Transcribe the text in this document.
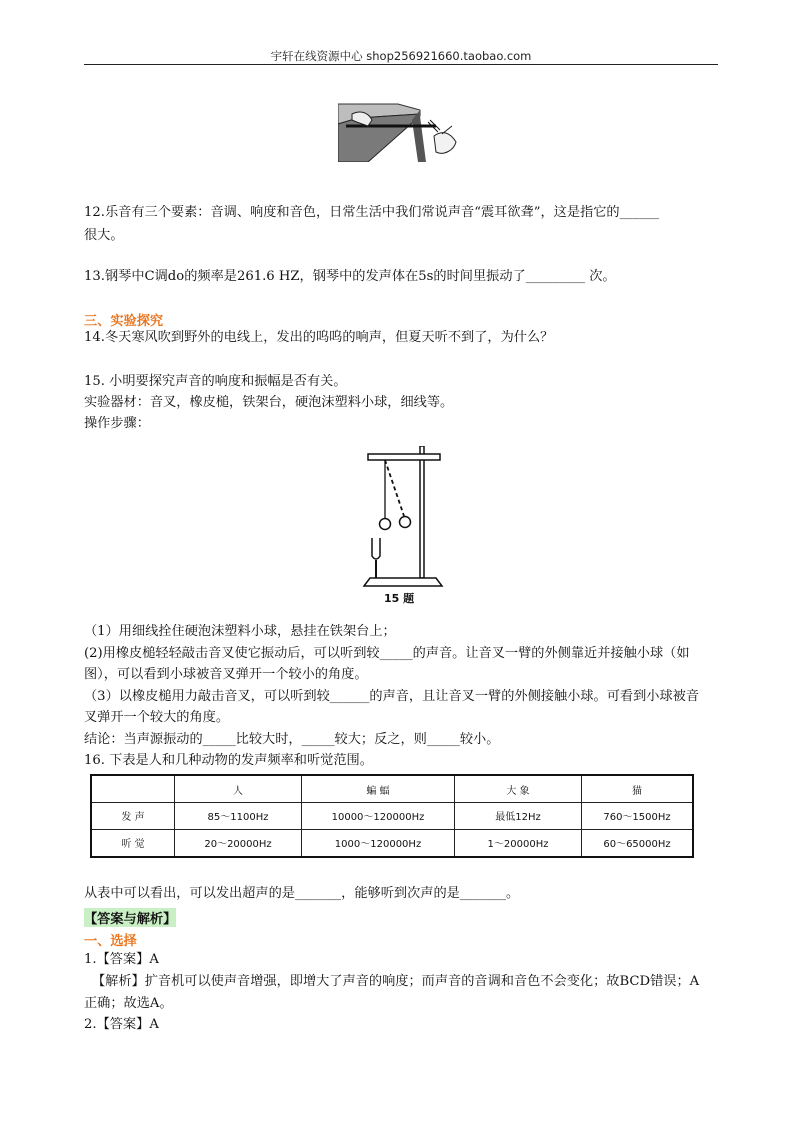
宇轩在线资源中心 shop256921660.taobao.com
12.乐音有三个要素：音调、响度和音色，日常生活中我们常说声音“震耳欲聋”，这是指它的______
很大。
13.钢琴中C调do的频率是261.6 HZ，钢琴中的发声体在5s的时间里振动了_________ 次。
三、实验探究
14.冬天寒风吹到野外的电线上，发出的呜呜的响声，但夏天听不到了，为什么？
15. 小明要探究声音的响度和振幅是否有关。
实验器材：音叉，橡皮槌，铁架台，硬泡沫塑料小球，细线等。
操作步骤：
15 题
（1）用细线拴住硬泡沫塑料小球，悬挂在铁架台上；
(2)用橡皮槌轻轻敲击音叉使它振动后，可以听到较_____的声音。让音叉一臂的外侧靠近并接触小球（如
图），可以看到小球被音叉弹开一个较小的角度。
（3）以橡皮槌用力敲击音叉，可以听到较______的声音，且让音叉一臂的外侧接触小球。可看到小球被音
叉弹开一个较大的角度。
结论：当声源振动的_____比较大时，_____较大；反之，则_____较小。
16. 下表是人和几种动物的发声频率和听觉范围。
	人	蝙 蝠	大 象	猫
发 声	85～1100Hz	10000～120000Hz	最低12Hz	760～1500Hz
听 觉	20～20000Hz	1000～120000Hz	1～20000Hz	60～65000Hz
从表中可以看出，可以发出超声的是_______，能够听到次声的是_______。
【答案与解析】
一、选择
1.【答案】A
【解析】扩音机可以使声音增强，即增大了声音的响度；而声音的音调和音色不会变化；故BCD错误；A
正确；故选A。
2.【答案】A
